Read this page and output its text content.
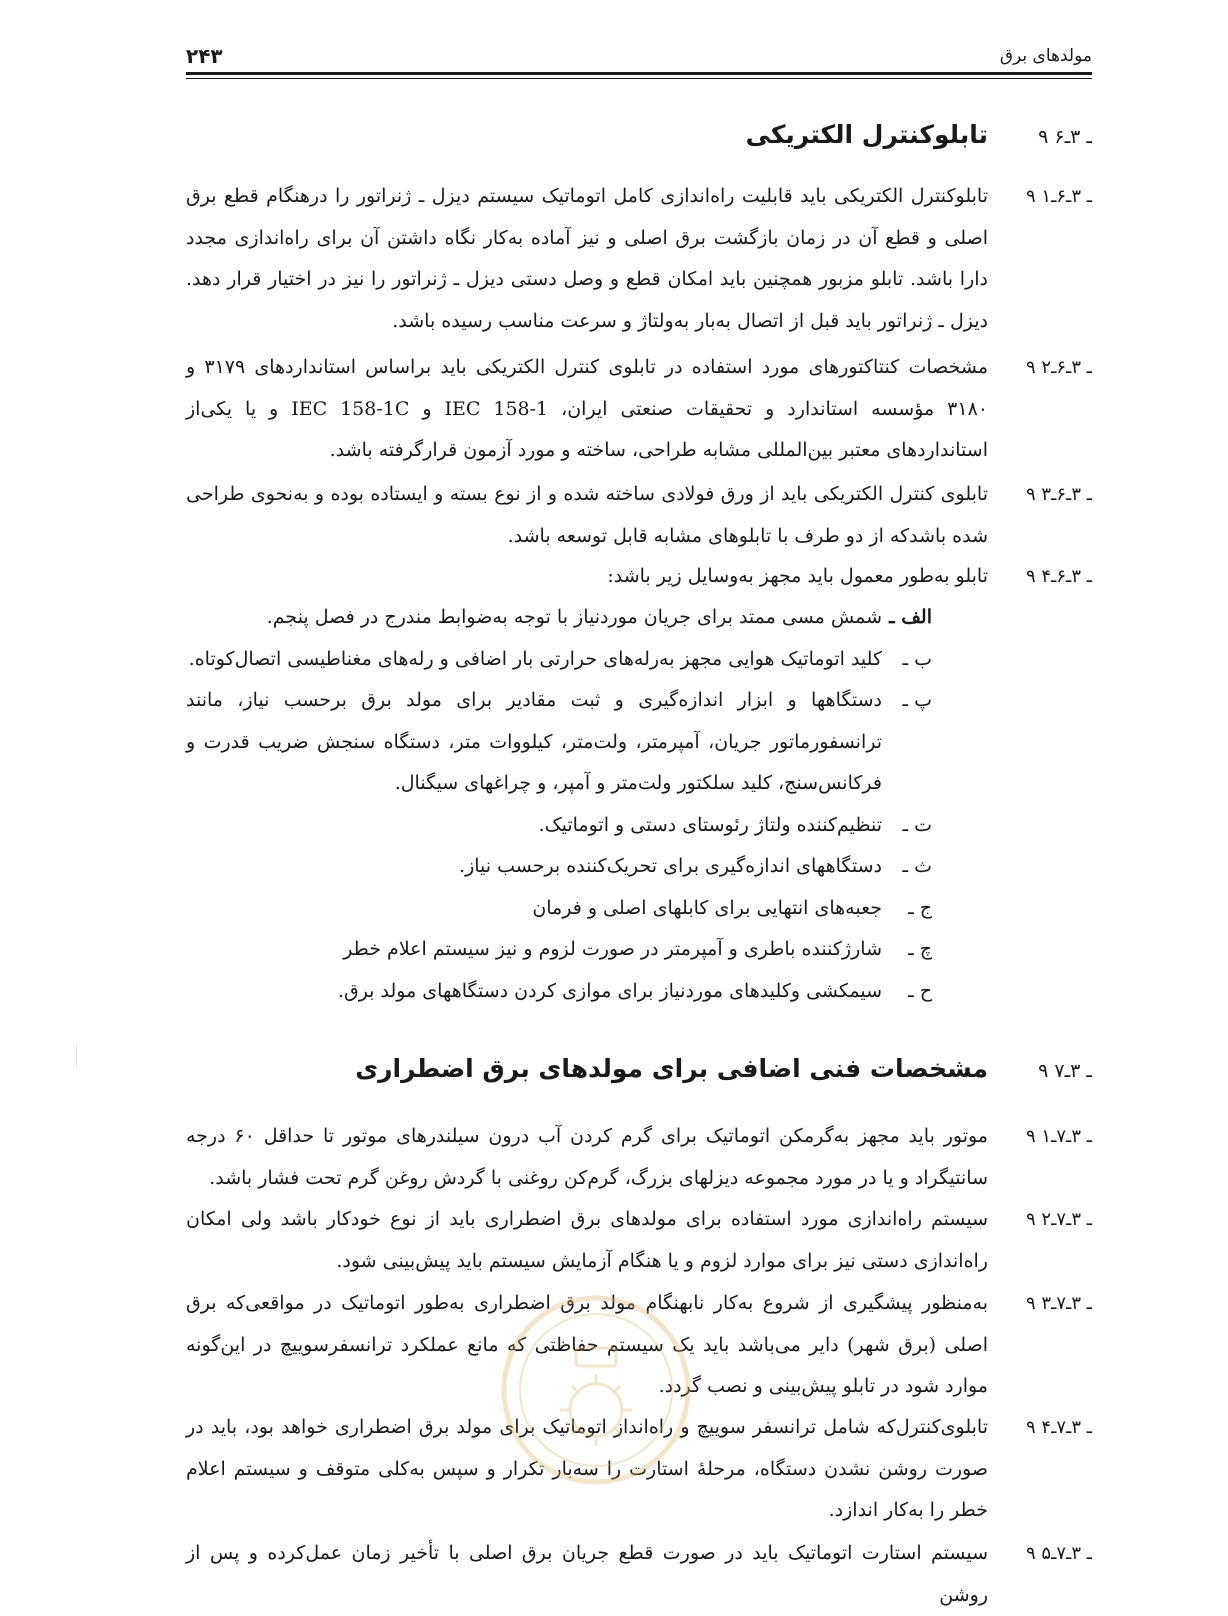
مولدهای برق
۲۴۳
۹ ـ ۳ـ۶
تابلوکنترل الکتریکی
۹ ـ ۳ـ۶ـ۱
تابلوکنترل الکتریکی باید قابلیت راه‌اندازی کامل اتوماتیک سیستم دیزل ـ ژنراتور را درهنگام قطع برق اصلی و قطع آن در زمان بازگشت برق اصلی و نیز آماده به‌کار نگاه داشتن آن برای راه‌اندازی مجدد دارا باشد. تابلو مزبور همچنین باید امکان قطع و وصل دستی دیزل ـ ژنراتور را نیز در اختیار قرار دهد. دیزل ـ ژنراتور باید قبل از اتصال به‌بار به‌ولتاژ و سرعت مناسب رسیده باشد.
۹ ـ ۳ـ۶ـ۲
مشخصات کنتاکتورهای مورد استفاده در تابلوی کنترل الکتریکی باید براساس استانداردهای ۳۱۷۹ و ۳۱۸۰ مؤسسه استاندارد و تحقیقات صنعتی ایران، IEC 158-1 و IEC 158-1C و یا یکی‌از استانداردهای معتبر بین‌المللی مشابه طراحی، ساخته و مورد آزمون قرارگرفته باشد.
۹ ـ ۳ـ۶ـ۳
تابلوی کنترل الکتریکی باید از ورق فولادی ساخته شده و از نوع بسته و ایستاده بوده و به‌نحوی طراحی شده باشد‌که از دو طرف با تابلوهای مشابه قابل توسعه باشد.
۹ ـ ۳ـ۶ـ۴
تابلو به‌طور معمول باید مجهز به‌وسایل زیر باشد:
الف ـ
شمش مسی ممتد برای جریان موردنیاز با توجه به‌ضوابط مندرج در فصل پنجم.
ب ـ
کلید اتوماتیک هوایی مجهز به‌رله‌های حرارتی بار اضافی و رله‌های مغناطیسی اتصال‌کوتاه.
پ ـ
دستگاهها و ابزار اندازه‌گیری و ثبت مقادیر برای مولد برق برحسب نیاز، مانند ترانسفورماتور جریان، آمپرمتر، ولت‌متر، کیلووات متر، دستگاه سنجش ضریب قدرت و فرکانس‌سنج، کلید سلکتور ولت‌متر و آمپر، و چراغهای سیگنال.
ت ـ
تنظیم‌کننده ولتاژ رئوستای دستی و اتوماتیک.
ث ـ
دستگاههای اندازه‌گیری برای تحریک‌کننده برحسب نیاز.
ج ـ
جعبه‌های انتهایی برای کابلهای اصلی و فرمان
چ ـ
شارژکننده باطری و آمپرمتر در صورت لزوم و نیز سیستم اعلام خطر
ح ـ
سیمکشی وکلیدهای موردنیاز برای موازی کردن دستگاههای مولد برق.
۹ ـ ۳ـ۷
مشخصات فنی اضافی برای مولدهای برق اضطراری
۹ ـ ۳ـ۷ـ۱
موتور باید مجهز به‌گرمکن اتوماتیک برای گرم کردن آب درون سیلندرهای موتور تا حداقل ۶۰ درجه سانتیگراد و یا در مورد مجموعه دیزلهای بزرگ، گرم‌کن روغنی با گردش روغن گرم تحت فشار باشد.
۹ ـ ۳ـ۷ـ۲
سیستم راه‌اندازی مورد استفاده برای مولدهای برق اضطراری باید از نوع خودکار باشد ولی امکان راه‌اندازی دستی نیز برای موارد لزوم و یا هنگام آزمایش سیستم باید پیش‌بینی شود.
۹ ـ ۳ـ۷ـ۳
به‌منظور پیشگیری از شروع به‌کار نابهنگام مولد برق اضطراری به‌طور اتوماتیک در مواقعی‌که برق اصلی (برق شهر) دایر می‌باشد باید یک سیستم حفاظتی که مانع عملکرد ترانسفرسوییچ در این‌گونه موارد شود در تابلو پیش‌بینی و نصب گردد.
۹ ـ ۳ـ۷ـ۴
تابلوی‌کنترل‌که شامل ترانسفر سوییچ و راه‌انداز اتوماتیک برای مولد برق اضطراری خواهد بود، باید در صورت روشن نشدن دستگاه، مرحلهٔ استارت را سه‌بار تکرار و سپس به‌کلی متوقف و سیستم اعلام خطر را به‌کار اندازد.
۹ ـ ۳ـ۷ـ۵
سیستم استارت اتوماتیک باید در صورت قطع جریان برق اصلی با تأخیر زمان عمل‌کرده و پس از روشن
